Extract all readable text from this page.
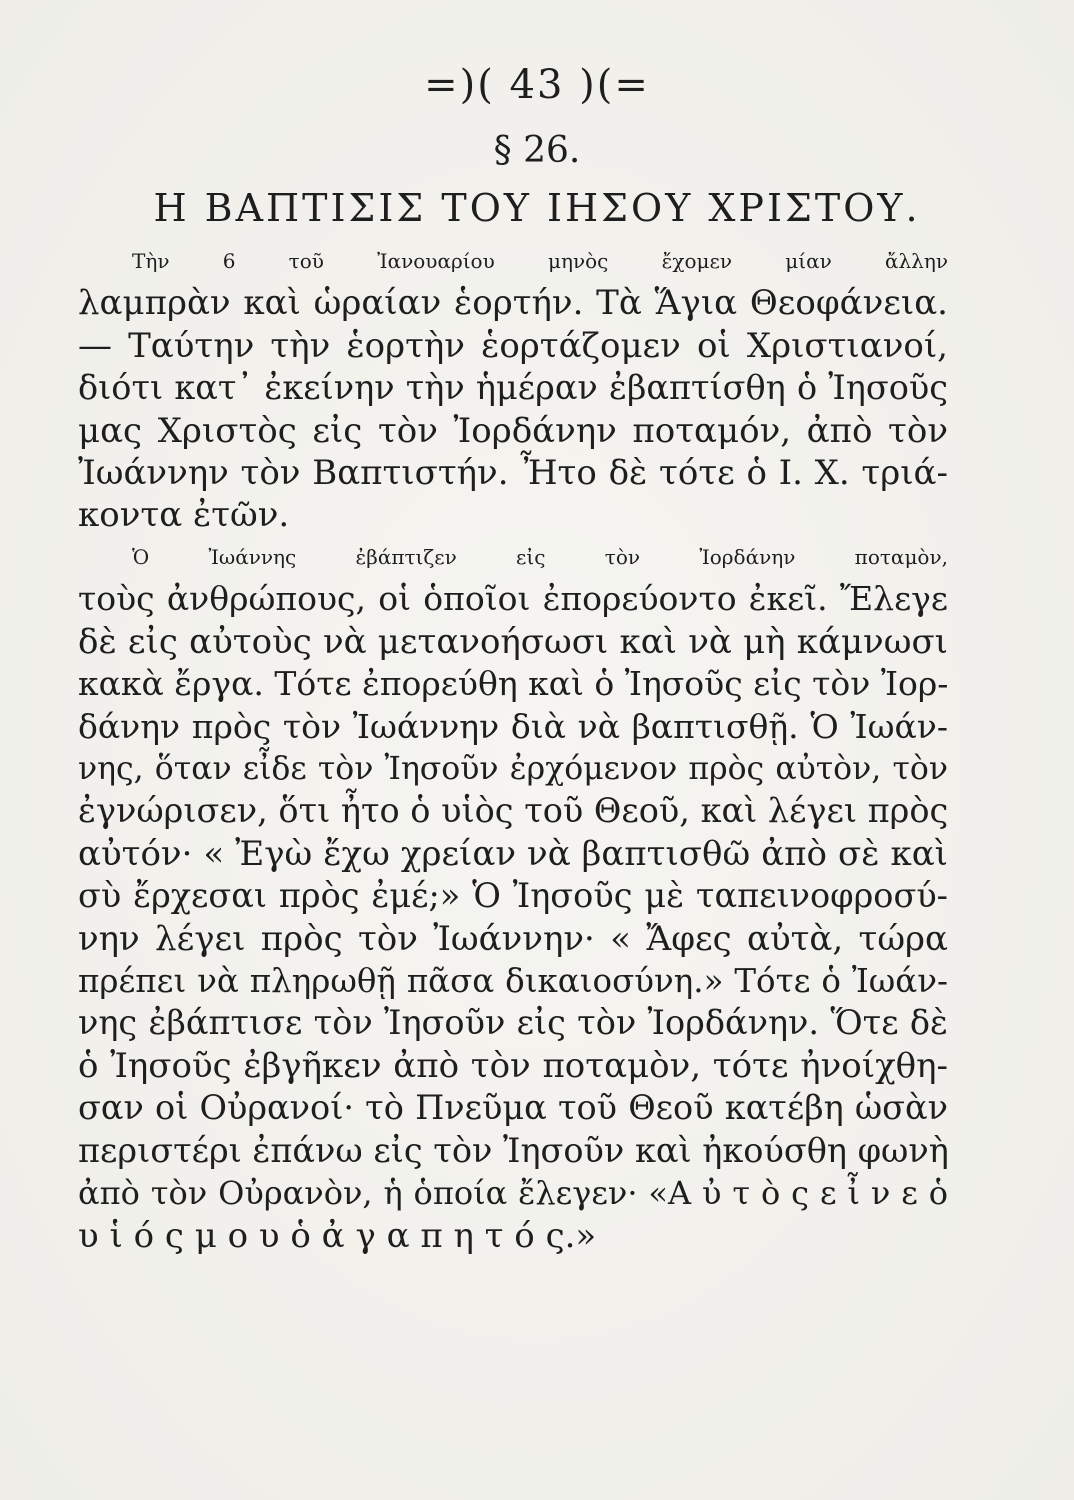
=)( 43 )(=
§ 26.
Η ΒΑΠΤΙΣΙΣ ΤΟΥ ΙΗΣΟΥ ΧΡΙΣΤΟΥ.
Τὴν 6 τοῦ Ἰανουαρίου μηνὸς ἔχομεν μίαν ἄλλην
λαμπρὰν καὶ ὡραίαν ἑορτήν. Τὰ Ἅγια Θεοφάνεια.
— Ταύτην τὴν ἑορτὴν ἑορτάζομεν οἱ Χριστιανοί,
διότι κατ᾽ ἐκείνην τὴν ἡμέραν ἐβαπτίσθη ὁ Ἰησοῦς
μας Χριστὸς εἰς τὸν Ἰορδάνην ποταμόν, ἀπὸ τὸν
Ἰωάννην τὸν Βαπτιστήν. Ἦτο δὲ τότε ὁ Ι. Χ. τριά-
κοντα ἐτῶν.
Ὁ Ἰωάννης ἐβάπτιζεν εἰς τὸν Ἰορδάνην ποταμὸν,
τοὺς ἀνθρώπους, οἱ ὁποῖοι ἐπορεύοντο ἐκεῖ. Ἔλεγε
δὲ εἰς αὐτοὺς νὰ μετανοήσωσι καὶ νὰ μὴ κάμνωσι
κακὰ ἔργα. Τότε ἐπορεύθη καὶ ὁ Ἰησοῦς εἰς τὸν Ἰορ-
δάνην πρὸς τὸν Ἰωάννην διὰ νὰ βαπτισθῇ. Ὁ Ἰωάν-
νης, ὅταν εἶδε τὸν Ἰησοῦν ἐρχόμενον πρὸς αὐτὸν, τὸν
ἐγνώρισεν, ὅτι ἦτο ὁ υἱὸς τοῦ Θεοῦ, καὶ λέγει πρὸς
αὐτόν· « Ἐγὼ ἔχω χρείαν νὰ βαπτισθῶ ἀπὸ σὲ καὶ
σὺ ἔρχεσαι πρὸς ἐμέ;» Ὁ Ἰησοῦς μὲ ταπεινοφροσύ-
νην λέγει πρὸς τὸν Ἰωάννην· « Ἄφες αὐτὰ, τώρα
πρέπει νὰ πληρωθῇ πᾶσα δικαιοσύνη.» Τότε ὁ Ἰωάν-
νης ἐβάπτισε τὸν Ἰησοῦν εἰς τὸν Ἰορδάνην. Ὅτε δὲ
ὁ Ἰησοῦς ἐβγῆκεν ἀπὸ τὸν ποταμὸν, τότε ἠνοίχθη-
σαν οἱ Οὐρανοί· τὸ Πνεῦμα τοῦ Θεοῦ κατέβη ὡσὰν
περιστέρι ἐπάνω εἰς τὸν Ἰησοῦν καὶ ἠκούσθη φωνὴ
ἀπὸ τὸν Οὐρανὸν, ἡ ὁποία ἔλεγεν· «Α ὐ τ ὸ ς ε ἶ ν ε ὁ
υ ἱ ό ς μ ο υ ὁ ἀ γ α π η τ ό ς.»
